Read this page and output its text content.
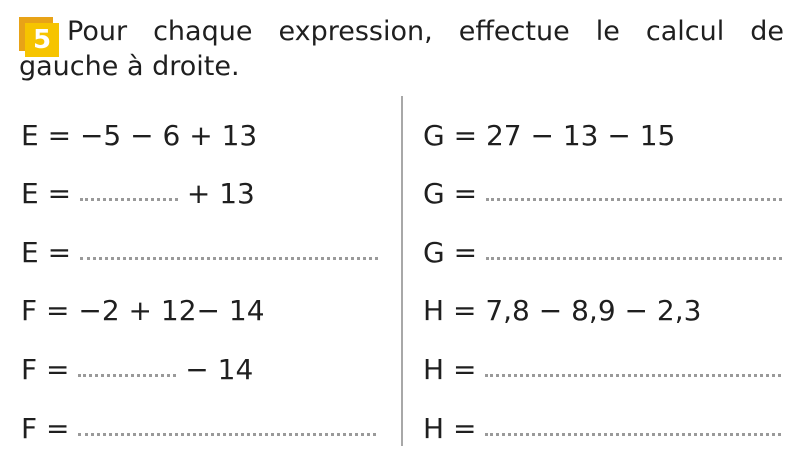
5 Pour chaque expression, effectue le calcul de gauche à droite.
E = −5 − 6 + 13
E =	+ 13
E =
F = −2 + 12− 14
F =	− 14
F =
G = 27 − 13 − 15
G =
G =
H = 7,8 − 8,9 − 2,3
H =
H =
